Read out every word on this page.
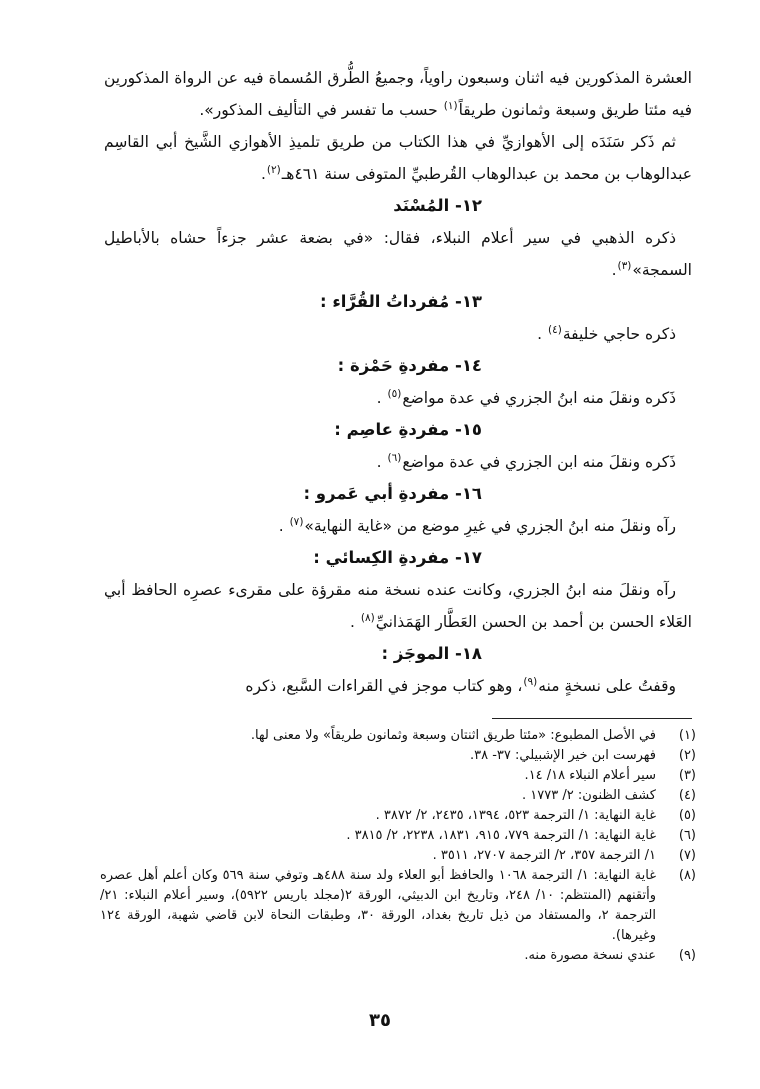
العشرة المذكورين فيه اثنان وسبعون راوياً، وجميعُ الطُّرق المُسماة فيه عن الرواة المذكورين فيه مئتا طريق وسبعة وثمانون طريقاً$^{(١)}$ حسب ما تفسر في التأليف المذكور».

ثم ذَكر سَنَدَه إلى الأهوازيِّ في هذا الكتاب من طريق تلميذِ الأهوازي الشَّيخ أبي القاسِم عبدالوهاب بن محمد بن عبدالوهاب القُرطبيِّ المتوفى سنة ٤٦١هـ$^{(٢)}$.

١٢- المُسْنَد

ذكره الذهبي في سير أعلام النبلاء، فقال: «في بضعة عشر جزءاً حشاه بالأباطيل السمجة»$^{(٣)}$.

١٣- مُفرداتُ القُرَّاء :

ذكره حاجي خليفة$^{(٤)}$ .

١٤- مفردةِ حَمْزة :

ذَكره ونقلَ منه ابنُ الجزري في عدة مواضع$^{(٥)}$ .

١٥- مفردةِ عاصِم :

ذَكره ونقلَ منه ابن الجزري في عدة مواضع$^{(٦)}$ .

١٦- مفردةِ أبي عَمرو :

رآه ونقلَ منه ابنُ الجزري في غيرِ موضع من «غاية النهاية»$^{(٧)}$ .

١٧- مفردةِ الكِسائي :

رآه ونقلَ منه ابنُ الجزري، وكانت عنده نسخة منه مقرؤة على مقرىء عصرِه الحافظ أبي العَلاء الحسن بن أحمد بن الحسن العَطَّار الهَمَذانيِّ$^{(٨)}$ .

١٨- الموجَز :

وقفتُ على نسخةٍ منه$^{(٩)}$، وهو كتاب موجز في القراءات السَّبع، ذكره

(١)
في الأصل المطبوع: «مئتا طريق اثنتان وسبعة وثمانون طريقاً» ولا معنى لها.
(٢)
فهرست ابن خير الإشبيلي: ٣٧- ٣٨.
(٣)
سير أعلام النبلاء ١٨/ ١٤.
(٤)
كشف الظنون: ٢/ ١٧٧٣ .
(٥)
غاية النهاية: ١/ الترجمة ٥٢٣، ١٣٩٤، ٢٤٣٥، ٢/ ٣٨٧٢ .
(٦)
غاية النهاية: ١/ الترجمة ٧٧٩، ٩١٥، ١٨٣١، ٢٢٣٨، ٢/ ٣٨١٥ .
(٧)
١/ الترجمة ٣٥٧، ٢/ الترجمة ٢٧٠٧، ٣٥١١ .
(٨)
غاية النهاية: ١/ الترجمة ١٠٦٨ والحافظ أبو العلاء ولد سنة ٤٨٨هـ وتوفي سنة ٥٦٩ وكان أعلم أهل عصره وأتقنهم (المنتظم: ١٠/ ٢٤٨، وتاريخ ابن الدبيثي، الورقة ٢(مجلد باريس ٥٩٢٢)، وسير أعلام النبلاء: ٢١/ الترجمة ٢، والمستفاد من ذيل تاريخ بغداد، الورقة ٣٠، وطبقات النحاة لابن قاضي شهبة، الورقة ١٢٤ وغيرها).
(٩)
عندي نسخة مصورة منه.
٣٥
